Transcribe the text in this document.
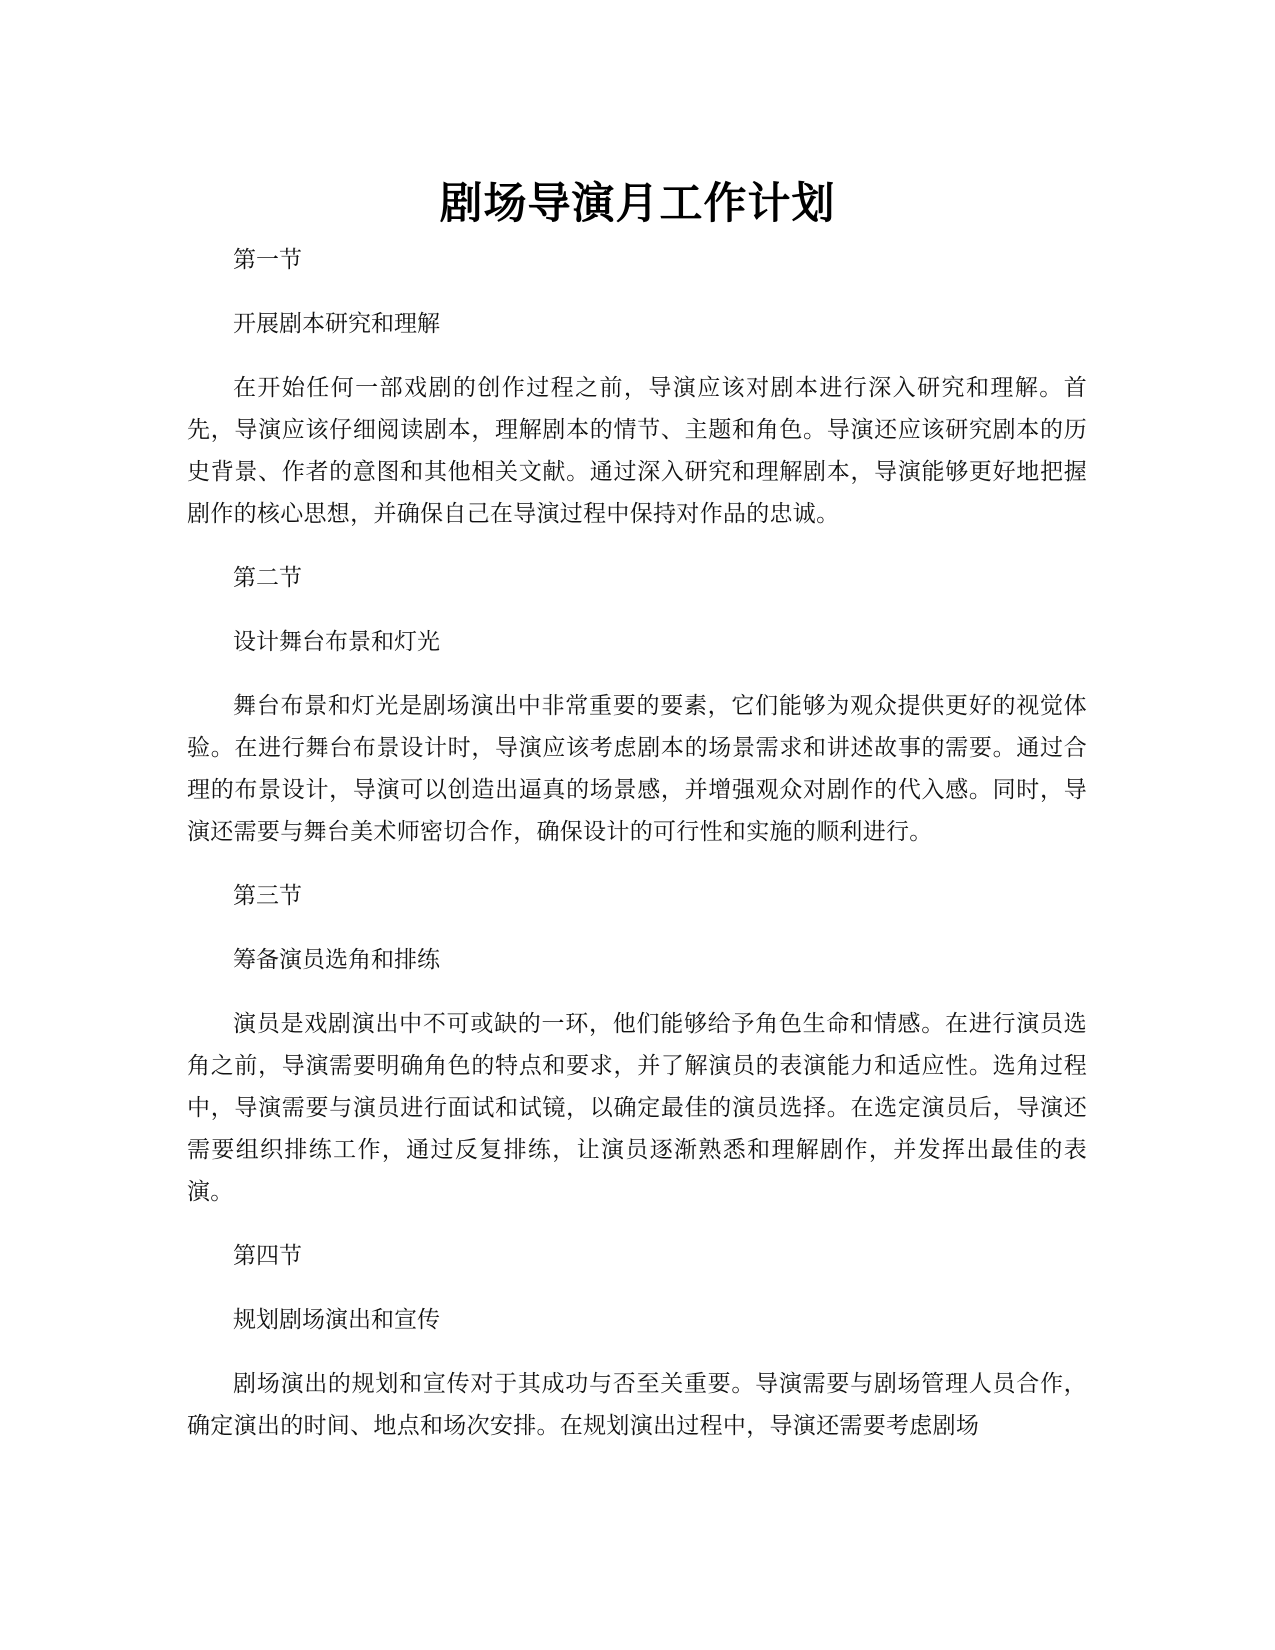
剧场导演月工作计划

第一节

开展剧本研究和理解

在开始任何一部戏剧的创作过程之前，导演应该对剧本进行深入研究和理解。首先，导演应该仔细阅读剧本，理解剧本的情节、主题和角色。导演还应该研究剧本的历史背景、作者的意图和其他相关文献。通过深入研究和理解剧本，导演能够更好地把握剧作的核心思想，并确保自己在导演过程中保持对作品的忠诚。

第二节

设计舞台布景和灯光

舞台布景和灯光是剧场演出中非常重要的要素，它们能够为观众提供更好的视觉体验。在进行舞台布景设计时，导演应该考虑剧本的场景需求和讲述故事的需要。通过合理的布景设计，导演可以创造出逼真的场景感，并增强观众对剧作的代入感。同时，导演还需要与舞台美术师密切合作，确保设计的可行性和实施的顺利进行。

第三节

筹备演员选角和排练

演员是戏剧演出中不可或缺的一环，他们能够给予角色生命和情感。在进行演员选角之前，导演需要明确角色的特点和要求，并了解演员的表演能力和适应性。选角过程中，导演需要与演员进行面试和试镜，以确定最佳的演员选择。在选定演员后，导演还需要组织排练工作，通过反复排练，让演员逐渐熟悉和理解剧作，并发挥出最佳的表演。

第四节

规划剧场演出和宣传

剧场演出的规划和宣传对于其成功与否至关重要。导演需要与剧场管理人员合作，确定演出的时间、地点和场次安排。在规划演出过程中，导演还需要考虑剧场
